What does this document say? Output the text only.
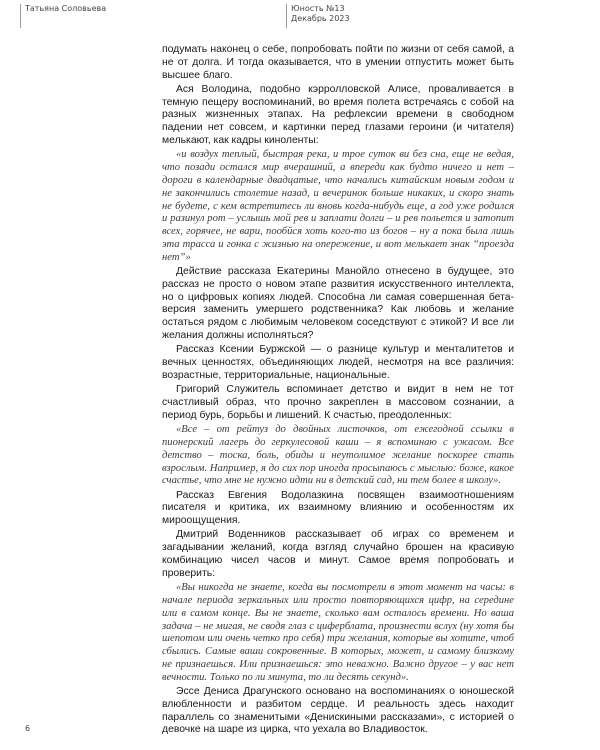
Татьяна Соловьева	Юность №13
Декабрь 2023

подумать наконец о себе, попробовать пойти по жизни от себя самой, а не от долга. И тогда оказывается, что в умении отпустить может быть высшее благо.

Ася Володина, подобно кэрролловской Алисе, проваливается в темную пещеру воспоминаний, во время полета встречаясь с собой на разных жизненных этапах. На рефлексии времени в свободном падении нет совсем, и картинки перед глазами героини (и читателя) мелькают, как кадры киноленты:

«и воздух теплый, быстрая река, и трое суток ви без сна, еще не ведая, что позади остался мир вчерашний, а впереди как будто ничего и нет – дороги в календарные двадцатые, что начались китайским новым годом и не закончились столетие назад, и вечеринок больше никаких, и скоро знать не будете, с кем встретитесь ли вновь когда-нибудь еще, а год уже родился и разинул рот – услышь мой рев и заплати долги – и рев польется и затопит всех, горячее, не вари, пообйся хоть кого-то из богов – ну а пока была лишь эта трасса и гонка с жизнью на опережение, и вот мелькает знак “проезда нет”»

Действие рассказа Екатерины Манойло отнесено в будущее, это рассказ не просто о новом этапе развития искусственного интеллекта, но о цифровых копиях людей. Способна ли самая совершенная бета-версия заменить умершего родственника? Как любовь и желание остаться рядом с любимым человеком соседствуют с этикой? И все ли желания должны исполняться?

Рассказ Ксении Буржской — о разнице культур и менталитетов и вечных ценностях, объединяющих людей, несмотря на все различия: возрастные, территориальные, национальные.

Григорий Служитель вспоминает детство и видит в нем не тот счастливый образ, что прочно закреплен в массовом сознании, а период бурь, борьбы и лишений. К счастью, преодоленных:

«Все – от рейтуз до двойных листочков, от ежегодной ссылки в пионерский лагерь до геркулесовой каши – я вспоминаю с ужасом. Все детство – тоска, боль, обиды и неутолимое желание поскорее стать взрослым. Например, я до сих пор иногда просыпаюсь с мыслью: боже, какое счастье, что мне не нужно идти ни в детский сад, ни тем более в школу».

Рассказ Евгения Водолазкина посвящен взаимоотношениям писателя и критика, их взаимному влиянию и особенностям их мироощущения.

Дмитрий Воденников рассказывает об играх со временем и загадывании желаний, когда взгляд случайно брошен на красивую комбинацию чисел часов и минут. Самое время попробовать и проверить:

«Вы никогда не знаете, когда вы посмотрели в этот момент на часы: в начале периода зеркальных или просто повторяющихся цифр, на середине или в самом конце. Вы не знаете, сколько вам осталось времени. Но ваша задача – не мигая, не сводя глаз с циферблата, произнести вслух (ну хотя бы шепотом или очень четко про себя) три желания, которые вы хотите, чтоб сбылись. Самые ваши сокровенные. В которых, может, и самому близкому не признаешься. Или признаешься: это неважно. Важно другое – у вас нет вечности. Только по ли минута, то ли десять секунд».

Эссе Дениса Драгунского основано на воспоминаниях о юношеской влюбленности и разбитом сердце. И реальность здесь находит параллель со знаменитыми «Денискиными рассказами», с историей о девочке на шаре из цирка, что уехала во Владивосток.

6
